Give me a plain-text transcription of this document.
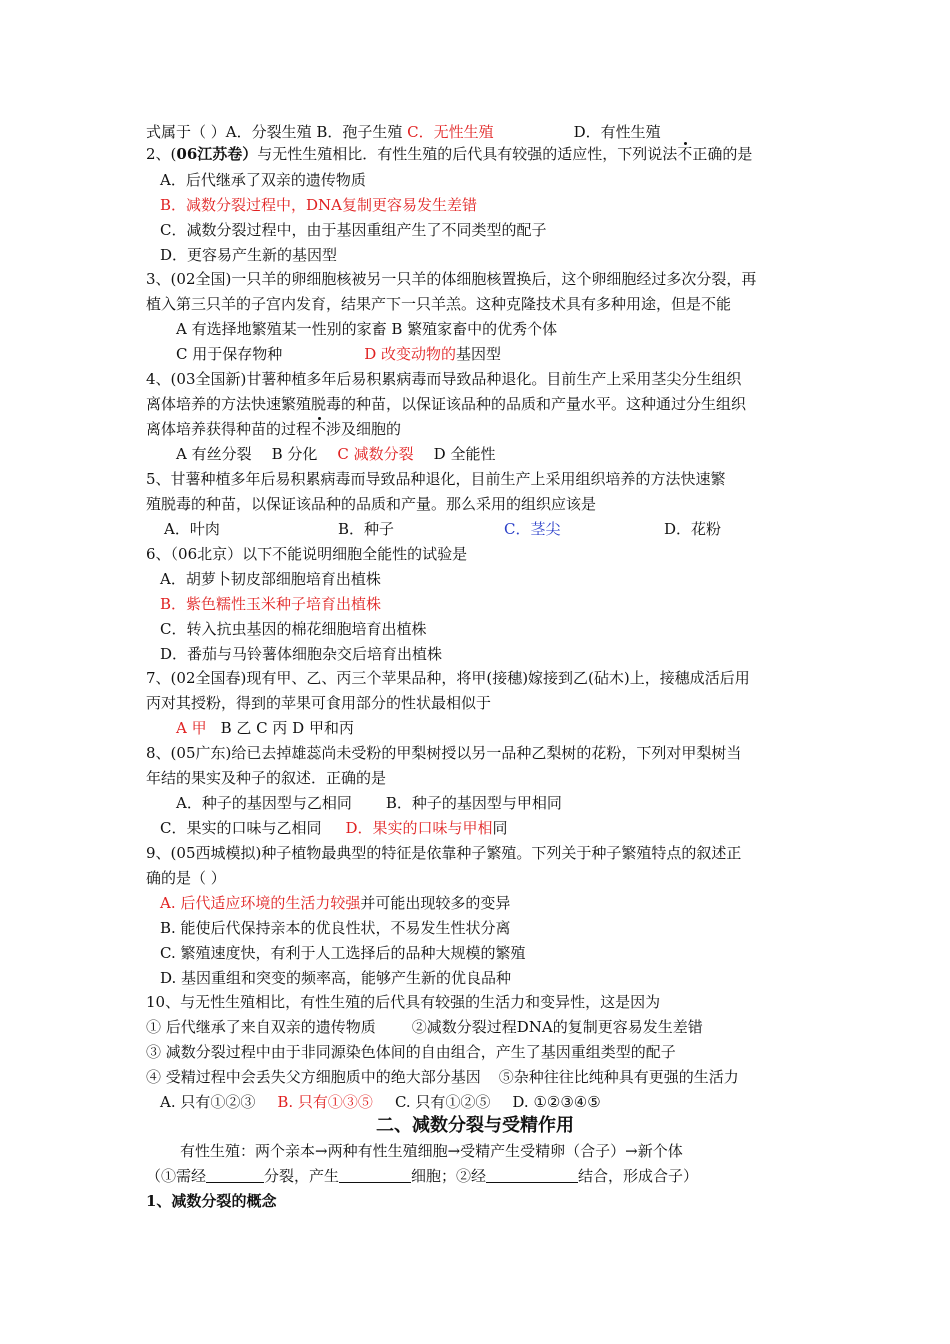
式属于（ ）A．分裂生殖 B．孢子生殖 C．无性生殖	D．有性生殖
2、(06江苏卷）与无性生殖相比．有性生殖的后代具有较强的适应性，下列说法不正确的是
A．后代继承了双亲的遗传物质
B．减数分裂过程中，DNA复制更容易发生差错
C．减数分裂过程中，由于基因重组产生了不同类型的配子
D．更容易产生新的基因型
3、(02全国)一只羊的卵细胞核被另一只羊的体细胞核置换后，这个卵细胞经过多次分裂，再
植入第三只羊的子宫内发育，结果产下一只羊羔。这种克隆技术具有多种用途，但是不能
A 有选择地繁殖某一性别的家畜 B 繁殖家畜中的优秀个体
C 用于保存物种	D 改变动物的基因型
4、(03全国新)甘薯种植多年后易积累病毒而导致品种退化。目前生产上采用茎尖分生组织
离体培养的方法快速繁殖脱毒的种苗，以保证该品种的品质和产量水平。这种通过分生组织
离体培养获得种苗的过程不涉及细胞的
A 有丝分裂 B 分化 C 减数分裂 D 全能性
5、甘薯种植多年后易积累病毒而导致品种退化，目前生产上采用组织培养的方法快速繁
殖脱毒的种苗，以保证该品种的品质和产量。那么采用的组织应该是
A．叶肉	B．种子	C．茎尖	D．花粉
6、（06北京）以下不能说明细胞全能性的试验是
A．胡萝卜韧皮部细胞培育出植株
B．紫色糯性玉米种子培育出植株
C．转入抗虫基因的棉花细胞培育出植株
D．番茄与马铃薯体细胞杂交后培育出植株
7、(02全国春)现有甲、乙、丙三个苹果品种，将甲(接穗)嫁接到乙(砧木)上，接穗成活后用
丙对其授粉，得到的苹果可食用部分的性状最相似于
A 甲 B 乙 C 丙 D 甲和丙
8、(05广东)给已去掉雄蕊尚未受粉的甲梨树授以另一品种乙梨树的花粉，下列对甲梨树当
年结的果实及种子的叙述．正确的是
A．种子的基因型与乙相同 B．种子的基因型与甲相同
C．果实的口味与乙相同 D．果实的口味与甲相同
9、(05西城模拟)种子植物最典型的特征是依靠种子繁殖。下列关于种子繁殖特点的叙述正
确的是（ ）
A. 后代适应环境的生活力较强并可能出现较多的变异
B. 能使后代保持亲本的优良性状，不易发生性状分离
C. 繁殖速度快，有利于人工选择后的品种大规模的繁殖
D. 基因重组和突变的频率高，能够产生新的优良品种
10、与无性生殖相比，有性生殖的后代具有较强的生活力和变异性，这是因为
① 后代继承了来自双亲的遗传物质 ②减数分裂过程DNA的复制更容易发生差错
③ 减数分裂过程中由于非同源染色体间的自由组合，产生了基因重组类型的配子
④ 受精过程中会丢失父方细胞质中的绝大部分基因 ⑤杂种往往比纯种具有更强的生活力
A. 只有①②③ B. 只有①③⑤ C. 只有①②⑤ D. ①②③④⑤
二、减数分裂与受精作用
有性生殖：两个亲本→两种有性生殖细胞→受精产生受精卵（合子）→新个体
（①需经	分裂，产生	细胞；②经	结合，形成合子）
1、减数分裂的概念
